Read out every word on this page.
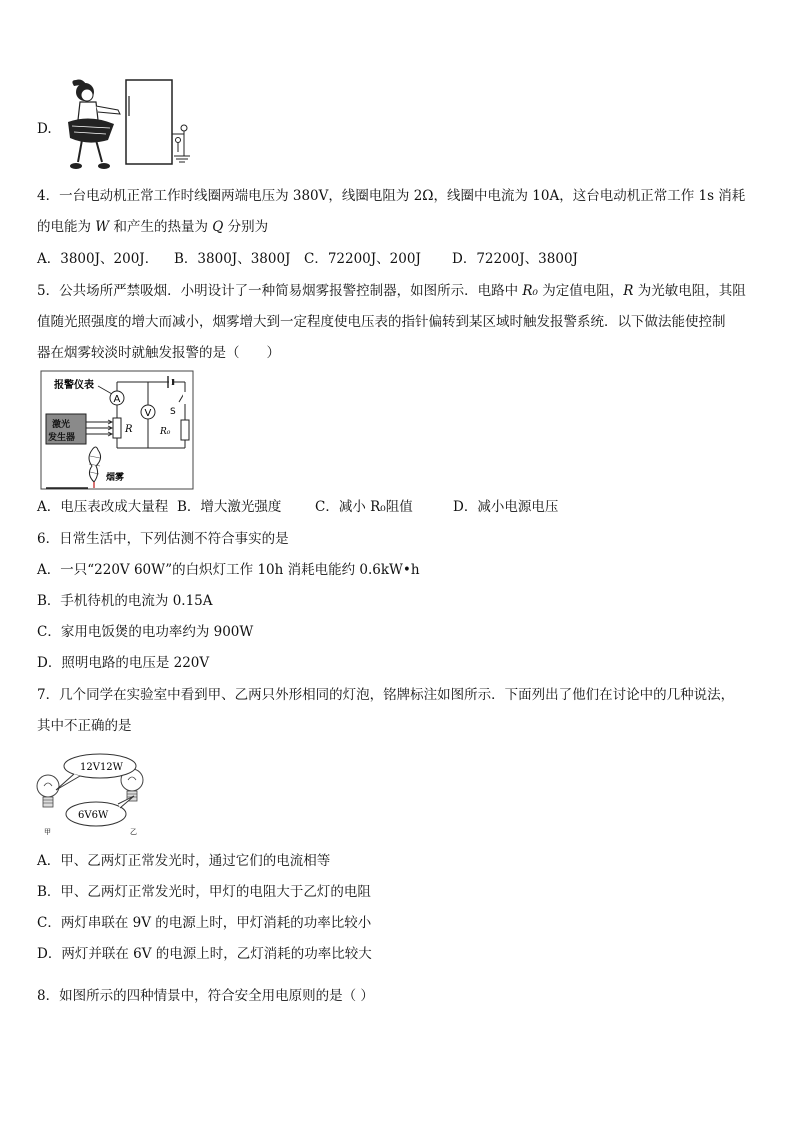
D.
4．一台电动机正常工作时线圈两端电压为 380V，线圈电阻为 2Ω，线圈中电流为 10A，这台电动机正常工作 1s 消耗
的电能为 W 和产生的热量为 Q 分别为
A．3800J、200J． B．3800J、3800J C．72200J、200J D．72200J、3800J
5．公共场所严禁吸烟．小明设计了一种简易烟雾报警控制器，如图所示．电路中 R₀ 为定值电阻，R 为光敏电阻，其阻
值随光照强度的增大而减小，烟雾增大到一定程度使电压表的指针偏转到某区域时触发报警系统．以下做法能使控制
器在烟雾较淡时就触发报警的是（　　）
报警仪表
A
R
V S
R₀
激光
发生器
烟雾
A．电压表改成大量程 B．增大激光强度 C．减小 R₀阻值	D．减小电源电压
6．日常生活中，下列估测不符合事实的是
A．一只“220V 60W”的白炽灯工作 10h 消耗电能约 0.6kW•h
B．手机待机的电流为 0.15A
C．家用电饭煲的电功率约为 900W
D．照明电路的电压是 220V
7．几个同学在实验室中看到甲、乙两只外形相同的灯泡，铭牌标注如图所示．下面列出了他们在讨论中的几种说法，
其中不正确的是
甲	乙
12V12W
6V6W
A．甲、乙两灯正常发光时，通过它们的电流相等
B．甲、乙两灯正常发光时，甲灯的电阻大于乙灯的电阻
C．两灯串联在 9V 的电源上时，甲灯消耗的功率比较小
D．两灯并联在 6V 的电源上时，乙灯消耗的功率比较大
8．如图所示的四种情景中，符合安全用电原则的是（ ）
